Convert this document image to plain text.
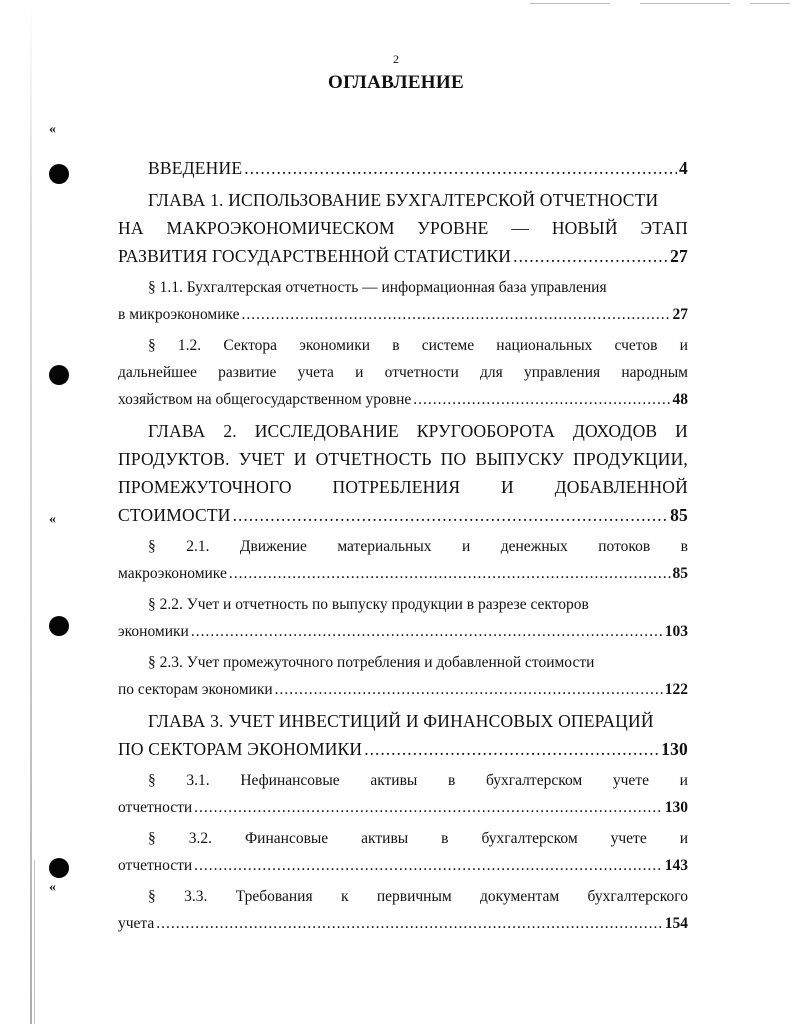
«
«
«
2
ОГЛАВЛЕНИЕ
ВВЕДЕНИЕ .....	4
ГЛАВА 1. ИСПОЛЬЗОВАНИЕ БУХГАЛТЕРСКОЙ ОТЧЕТНОСТИ
НА МАКРОЭКОНОМИЧЕСКОМ УРОВНЕ — НОВЫЙ ЭТАП
РАЗВИТИЯ ГОСУДАРСТВЕННОЙ СТАТИСТИКИ .....	27
§ 1.1. Бухгалтерская отчетность — информационная база управления
в микроэкономике .....	27
§ 1.2. Сектора экономики в системе национальных счетов и
дальнейшее развитие учета и отчетности для управления народным
хозяйством на общегосударственном уровне .....	48
ГЛАВА 2. ИССЛЕДОВАНИЕ КРУГООБОРОТА ДОХОДОВ И
ПРОДУКТОВ. УЧЕТ И ОТЧЕТНОСТЬ ПО ВЫПУСКУ ПРОДУКЦИИ,
ПРОМЕЖУТОЧНОГО ПОТРЕБЛЕНИЯ И ДОБАВЛЕННОЙ
СТОИМОСТИ .....	85
§ 2.1. Движение материальных и денежных потоков в
макроэкономике .....	85
§ 2.2. Учет и отчетность по выпуску продукции в разрезе секторов
экономики .....	103
§ 2.3. Учет промежуточного потребления и добавленной стоимости
по секторам экономики .....	122
ГЛАВА 3. УЧЕТ ИНВЕСТИЦИЙ И ФИНАНСОВЫХ ОПЕРАЦИЙ
ПО СЕКТОРАМ ЭКОНОМИКИ .....	130
§ 3.1. Нефинансовые активы в бухгалтерском учете и
отчетности .....	130
§ 3.2. Финансовые активы в бухгалтерском учете и
отчетности .....	143
§ 3.3. Требования к первичным документам бухгалтерского
учета .....	154
